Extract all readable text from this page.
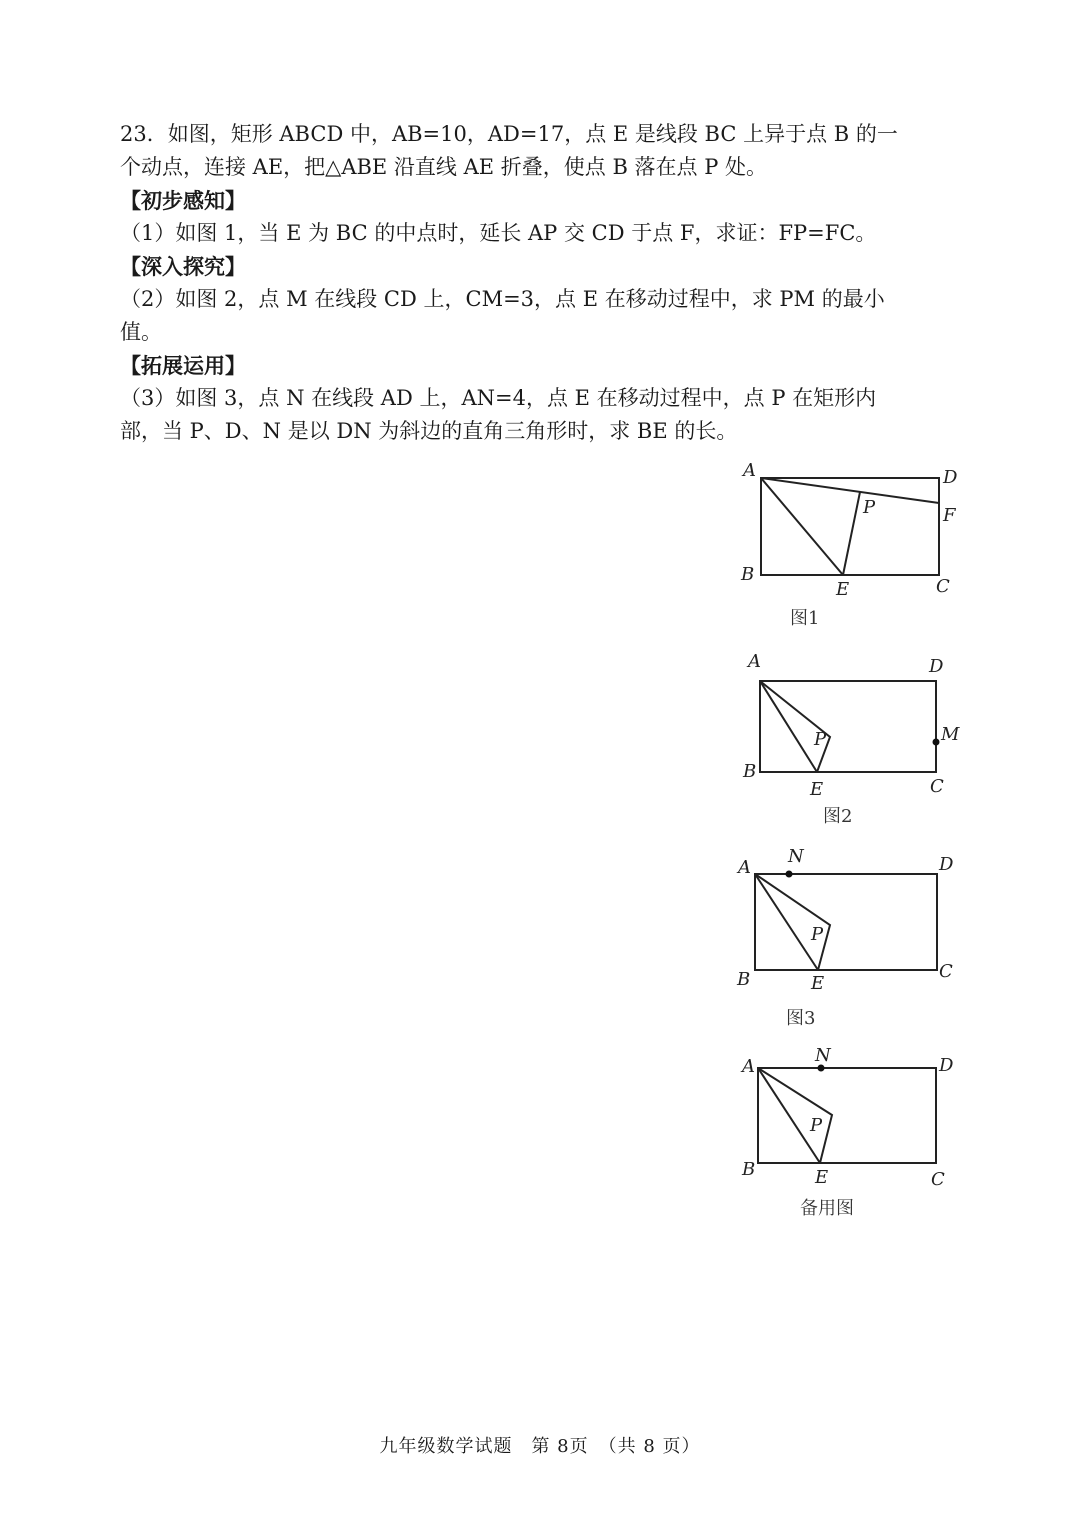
23．如图，矩形 ABCD 中，AB=10，AD=17，点 E 是线段 BC 上异于点 B 的一
个动点，连接 AE，把△ABE 沿直线 AE 折叠，使点 B 落在点 P 处。
【初步感知】
（1）如图 1，当 E 为 BC 的中点时，延长 AP 交 CD 于点 F，求证：FP=FC。
【深入探究】
（2）如图 2，点 M 在线段 CD 上，CM=3，点 E 在移动过程中，求 PM 的最小
值。
【拓展运用】
（3）如图 3，点 N 在线段 AD 上，AN=4，点 E 在移动过程中，点 P 在矩形内
部，当 P、D、N 是以 DN 为斜边的直角三角形时，求 BE 的长。
A	D
P	F
B
E	C
图1
A	D
P	M
B
E	C
图2
N
A	D
P
B	E
C
图3
N
A	D
P
B	E	C
备用图
九年级数学试题　第 8页　（共 8 页）
